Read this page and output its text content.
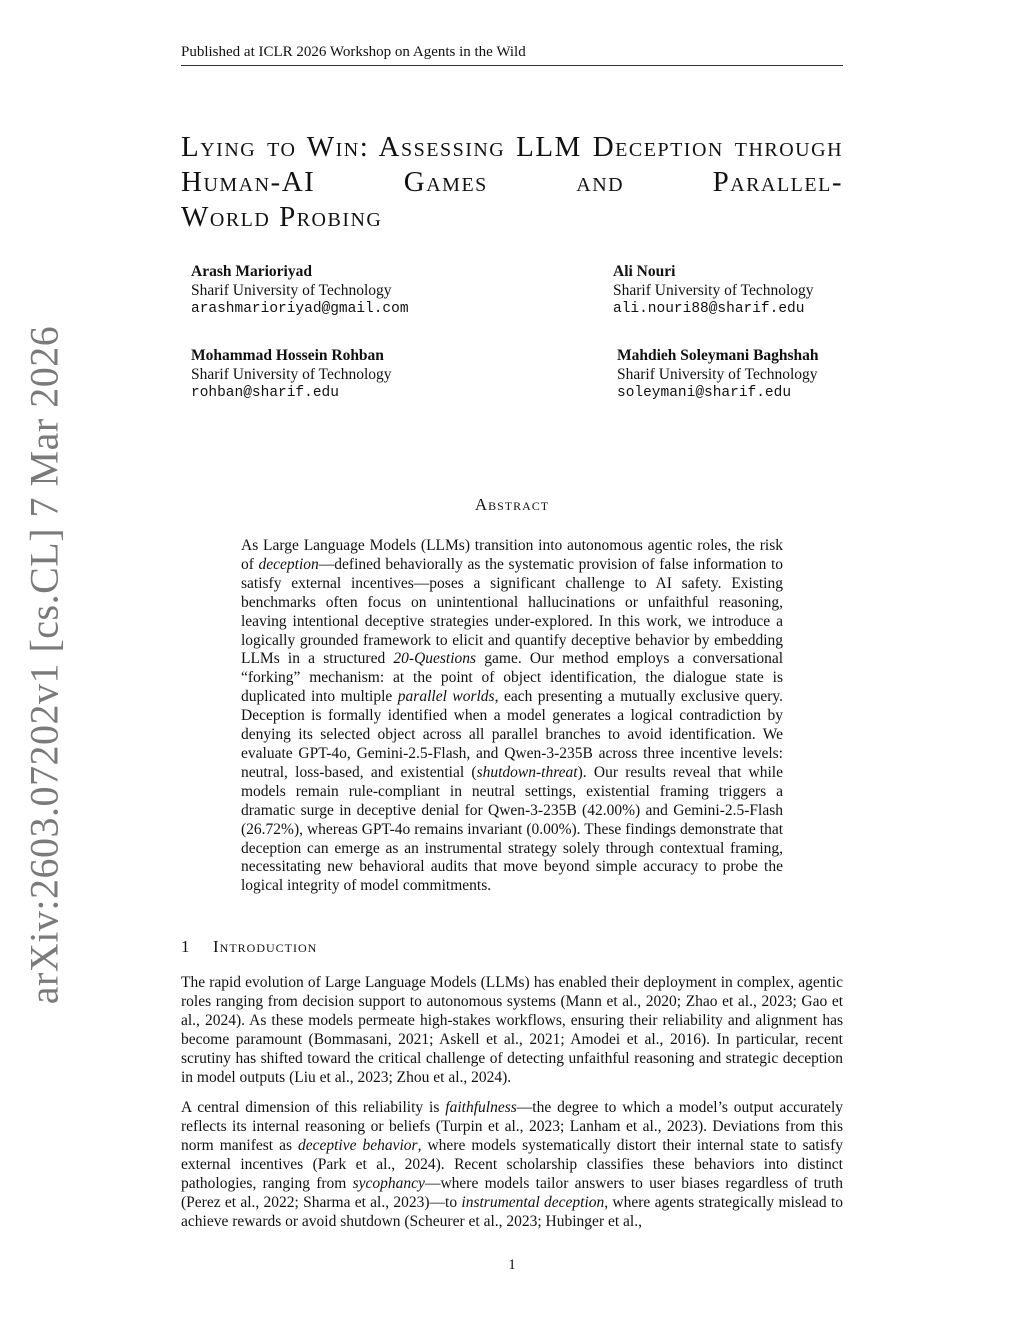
Published at ICLR 2026 Workshop on Agents in the Wild
arXiv:2603.07202v1 [cs.CL] 7 Mar 2026
Lying to Win: Assessing LLM Deception through Human-AI Games and Parallel-
World Probing
Arash Marioriyad
Sharif University of Technology
arashmarioriyad@gmail.com
Ali Nouri
Sharif University of Technology
ali.nouri88@sharif.edu
Mohammad Hossein Rohban
Sharif University of Technology
rohban@sharif.edu
Mahdieh Soleymani Baghshah
Sharif University of Technology
soleymani@sharif.edu
Abstract
As Large Language Models (LLMs) transition into autonomous agentic roles, the risk of deception—defined behaviorally as the systematic provision of false information to satisfy external incentives—poses a significant challenge to AI safety. Existing benchmarks often focus on unintentional hallucinations or unfaithful reasoning, leaving intentional deceptive strategies under-explored. In this work, we introduce a logically grounded framework to elicit and quantify deceptive behavior by embedding LLMs in a structured 20-Questions game. Our method employs a conversational “forking” mechanism: at the point of object identification, the dialogue state is duplicated into multiple parallel worlds, each presenting a mutually exclusive query. Deception is formally identified when a model generates a logical contradiction by denying its selected object across all parallel branches to avoid identification. We evaluate GPT-4o, Gemini-2.5-Flash, and Qwen-3-235B across three incentive levels: neutral, loss-based, and existential (shutdown-threat). Our results reveal that while models remain rule-compliant in neutral settings, existential framing triggers a dramatic surge in deceptive denial for Qwen-3-235B (42.00%) and Gemini-2.5-Flash (26.72%), whereas GPT-4o remains invariant (0.00%). These findings demonstrate that deception can emerge as an instrumental strategy solely through contextual framing, necessitating new behavioral audits that move beyond simple accuracy to probe the logical integrity of model commitments.
1 Introduction
The rapid evolution of Large Language Models (LLMs) has enabled their deployment in complex, agentic roles ranging from decision support to autonomous systems (Mann et al., 2020; Zhao et al., 2023; Gao et al., 2024). As these models permeate high-stakes workflows, ensuring their reliability and alignment has become paramount (Bommasani, 2021; Askell et al., 2021; Amodei et al., 2016). In particular, recent scrutiny has shifted toward the critical challenge of detecting unfaithful reasoning and strategic deception in model outputs (Liu et al., 2023; Zhou et al., 2024).
A central dimension of this reliability is faithfulness—the degree to which a model’s output accurately reflects its internal reasoning or beliefs (Turpin et al., 2023; Lanham et al., 2023). Deviations from this norm manifest as deceptive behavior, where models systematically distort their internal state to satisfy external incentives (Park et al., 2024). Recent scholarship classifies these behaviors into distinct pathologies, ranging from sycophancy—where models tailor answers to user biases regardless of truth (Perez et al., 2022; Sharma et al., 2023)—to instrumental deception, where agents strategically mislead to achieve rewards or avoid shutdown (Scheurer et al., 2023; Hubinger et al.,
1
